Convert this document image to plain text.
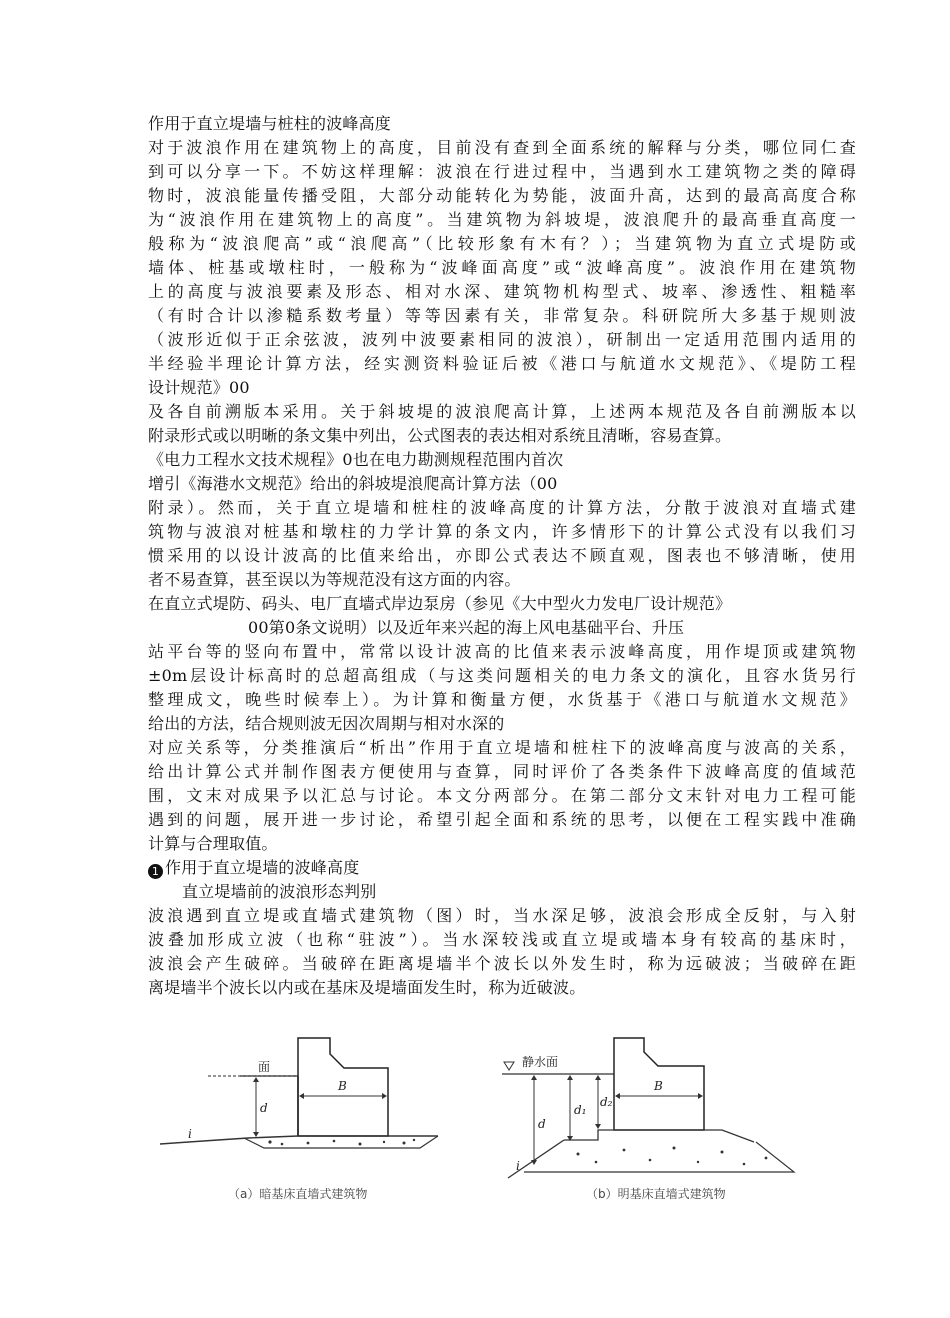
作用于直立堤墙与桩柱的波峰高度
对于波浪作用在建筑物上的高度，目前没有查到全面系统的解释与分类，哪位同仁查
到可以分享一下。不妨这样理解：波浪在行进过程中，当遇到水工建筑物之类的障碍
物时，波浪能量传播受阻，大部分动能转化为势能，波面升高，达到的最高高度合称
为“波浪作用在建筑物上的高度”。当建筑物为斜坡堤，波浪爬升的最高垂直高度一
般称为“波浪爬高”或“浪爬高”（比较形象有木有？）；当建筑物为直立式堤防或
墙体、桩基或墩柱时，一般称为“波峰面高度”或“波峰高度”。波浪作用在建筑物
上的高度与波浪要素及形态、相对水深、建筑物机构型式、坡率、渗透性、粗糙率
（有时合计以渗糙系数考量）等等因素有关，非常复杂。科研院所大多基于规则波
（波形近似于正余弦波，波列中波要素相同的波浪），研制出一定适用范围内适用的
半经验半理论计算方法，经实测资料验证后被《港口与航道水文规范》、《堤防工程
设计规范》00
及各自前溯版本采用。关于斜坡堤的波浪爬高计算，上述两本规范及各自前溯版本以
附录形式或以明晰的条文集中列出，公式图表的表达相对系统且清晰，容易查算。
《电力工程水文技术规程》0也在电力勘测规程范围内首次
增引《海港水文规范》给出的斜坡堤浪爬高计算方法（00
附录）。然而，关于直立堤墙和桩柱的波峰高度的计算方法，分散于波浪对直墙式建
筑物与波浪对桩基和墩柱的力学计算的条文内，许多情形下的计算公式没有以我们习
惯采用的以设计波高的比值来给出，亦即公式表达不顾直观，图表也不够清晰，使用
者不易查算，甚至误以为等规范没有这方面的内容。
在直立式堤防、码头、电厂直墙式岸边泵房（参见《大中型火力发电厂设计规范》
00第0条文说明）以及近年来兴起的海上风电基础平台、升压
站平台等的竖向布置中，常常以设计波高的比值来表示波峰高度，用作堤顶或建筑物
±0m层设计标高时的总超高组成（与这类问题相关的电力条文的演化，且容水货另行
整理成文，晚些时候奉上）。为计算和衡量方便，水货基于《港口与航道水文规范》
给出的方法，结合规则波无因次周期与相对水深的
对应关系等，分类推演后“析出”作用于直立堤墙和桩柱下的波峰高度与波高的关系，
给出计算公式并制作图表方便使用与查算，同时评价了各类条件下波峰高度的值域范
围，文末对成果予以汇总与讨论。本文分两部分。在第二部分文末针对电力工程可能
遇到的问题，展开进一步讨论，希望引起全面和系统的思考，以便在工程实践中准确
计算与合理取值。
1 作用于直立堤墙的波峰高度
直立堤墙前的波浪形态判别
波浪遇到直立堤或直墙式建筑物（图）时，当水深足够，波浪会形成全反射，与入射
波叠加形成立波（也称“驻波”）。当水深较浅或直立堤或墙本身有较高的基床时，
波浪会产生破碎。当破碎在距离堤墙半个波长以外发生时，称为远破波；当破碎在距
离堤墙半个波长以内或在基床及堤墙面发生时，称为近破波。
面
d
B
i
（a）暗基床直墙式建筑物
静水面
d
d₁
d₂
B
i
（b）明基床直墙式建筑物
